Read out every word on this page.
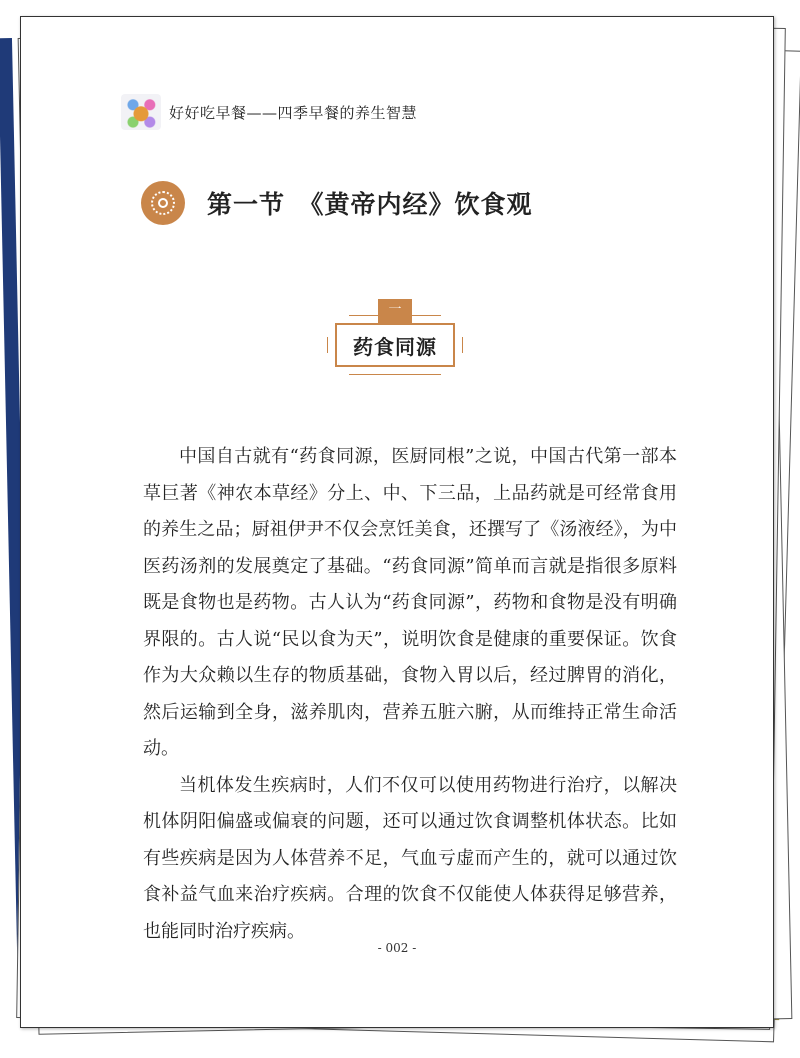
好好吃早餐——四季早餐的养生智慧
第一节　《黄帝内经》饮食观
一
药食同源

中国自古就有“药食同源，医厨同根”之说，中国古代第一部本草巨著《神农本草经》分上、中、下三品，上品药就是可经常食用的养生之品；厨祖伊尹不仅会烹饪美食，还撰写了《汤液经》，为中医药汤剂的发展奠定了基础。“药食同源”简单而言就是指很多原料既是食物也是药物。古人认为“药食同源”，药物和食物是没有明确界限的。古人说“民以食为天”，说明饮食是健康的重要保证。饮食作为大众赖以生存的物质基础，食物入胃以后，经过脾胃的消化，然后运输到全身，滋养肌肉，营养五脏六腑，从而维持正常生命活动。

当机体发生疾病时，人们不仅可以使用药物进行治疗，以解决机体阴阳偏盛或偏衰的问题，还可以通过饮食调整机体状态。比如有些疾病是因为人体营养不足，气血亏虚而产生的，就可以通过饮食补益气血来治疗疾病。合理的饮食不仅能使人体获得足够营养，也能同时治疗疾病。

- 002 -
